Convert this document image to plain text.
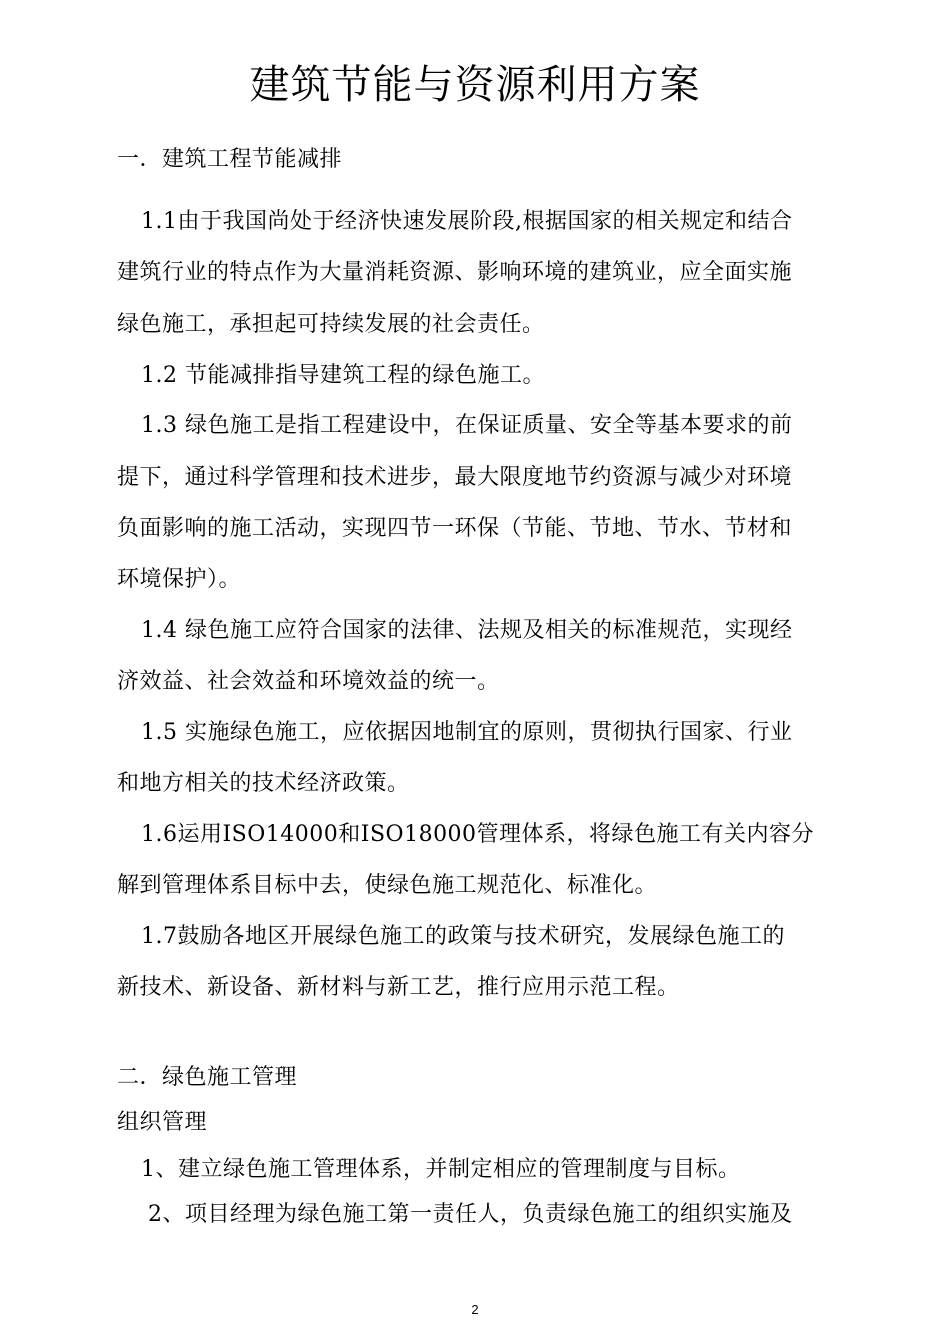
建筑节能与资源利用方案
一．建筑工程节能减排
1.1由于我国尚处于经济快速发展阶段,根据国家的相关规定和结合
建筑行业的特点作为大量消耗资源、影响环境的建筑业，应全面实施
绿色施工，承担起可持续发展的社会责任。
1.2 节能减排指导建筑工程的绿色施工。
1.3 绿色施工是指工程建设中，在保证质量、安全等基本要求的前
提下，通过科学管理和技术进步，最大限度地节约资源与减少对环境
负面影响的施工活动，实现四节一环保（节能、节地、节水、节材和
环境保护）。
1.4 绿色施工应符合国家的法律、法规及相关的标准规范，实现经
济效益、社会效益和环境效益的统一。
1.5 实施绿色施工，应依据因地制宜的原则，贯彻执行国家、行业
和地方相关的技术经济政策。
1.6运用ISO14000和ISO18000管理体系，将绿色施工有关内容分
解到管理体系目标中去，使绿色施工规范化、标准化。
1.7鼓励各地区开展绿色施工的政策与技术研究，发展绿色施工的
新技术、新设备、新材料与新工艺，推行应用示范工程。
二．绿色施工管理
组织管理
1、建立绿色施工管理体系，并制定相应的管理制度与目标。
2、项目经理为绿色施工第一责任人，负责绿色施工的组织实施及
2
